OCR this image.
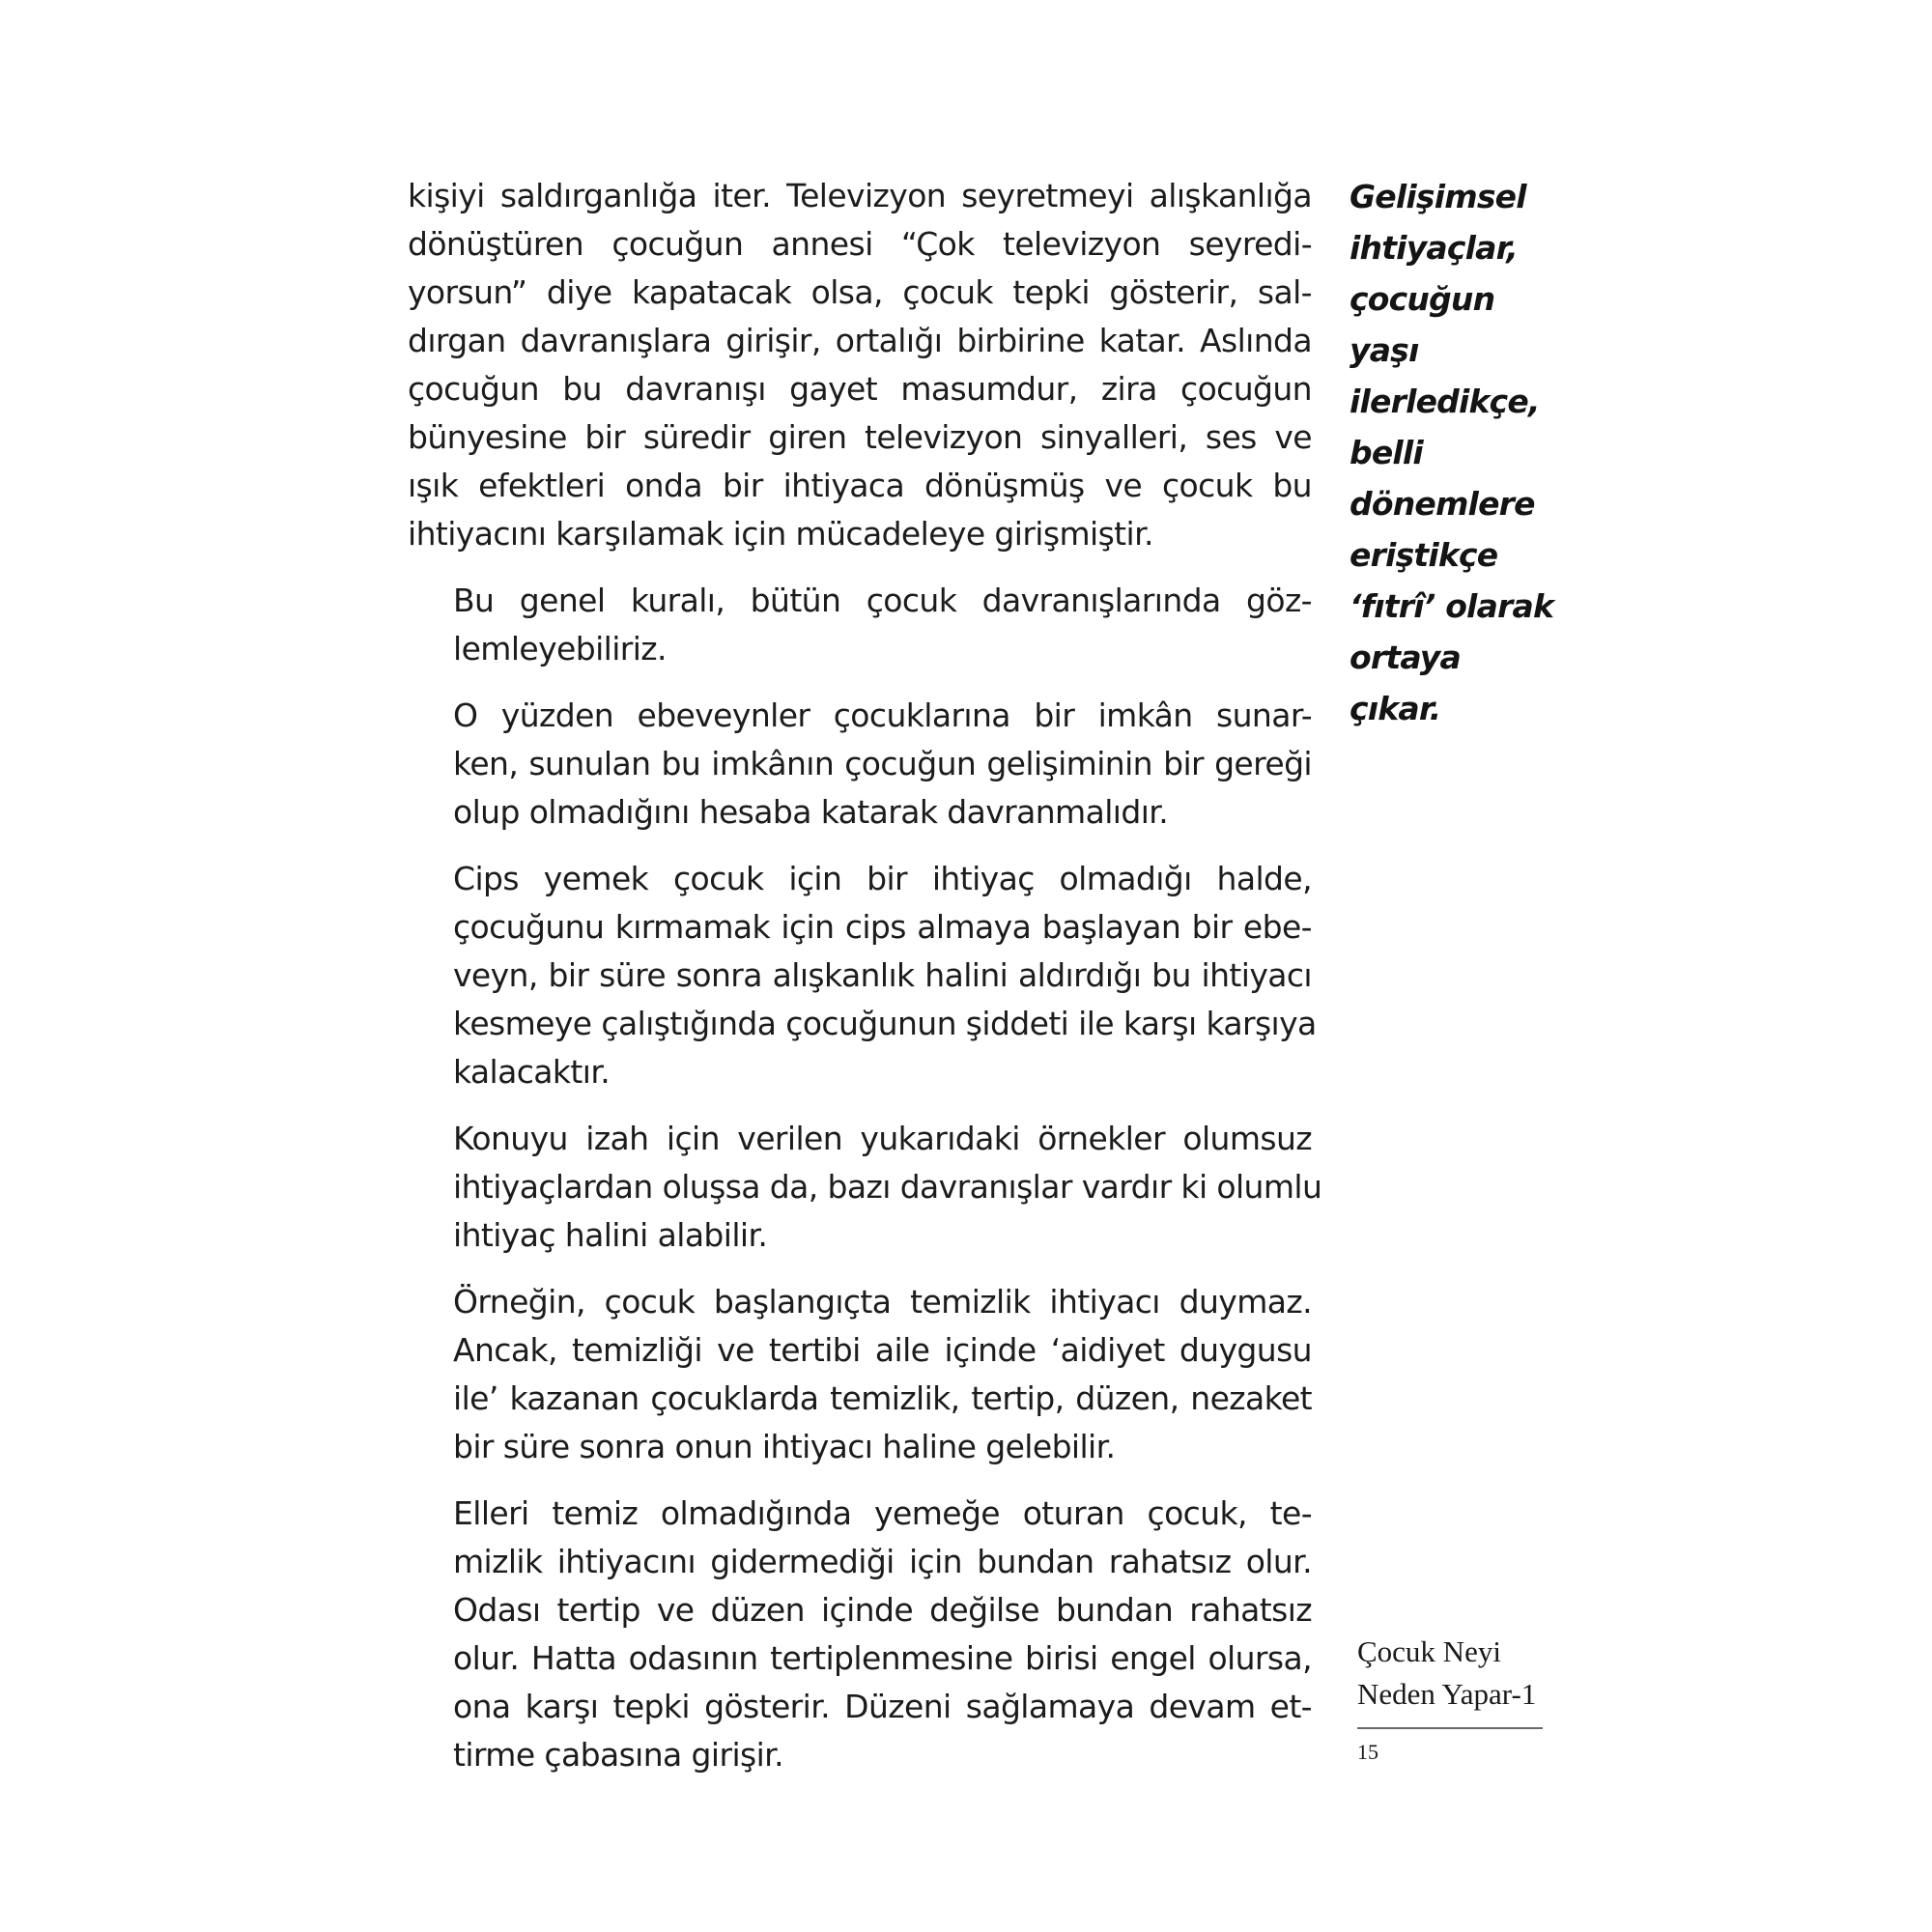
kişiyi saldırganlığa iter. Televizyon seyretmeyi alışkanlığa
dönüştüren çocuğun annesi “Çok televizyon seyredi-
yorsun” diye kapatacak olsa, çocuk tepki gösterir, sal-
dırgan davranışlara girişir, ortalığı birbirine katar. Aslında
çocuğun bu davranışı gayet masumdur, zira çocuğun
bünyesine bir süredir giren televizyon sinyalleri, ses ve
ışık efektleri onda bir ihtiyaca dönüşmüş ve çocuk bu
ihtiyacını karşılamak için mücadeleye girişmiştir.

Bu genel kuralı, bütün çocuk davranışlarında göz-
lemleyebiliriz.

O yüzden ebeveynler çocuklarına bir imkân sunar-
ken, sunulan bu imkânın çocuğun gelişiminin bir gereği
olup olmadığını hesaba katarak davranmalıdır.

Cips yemek çocuk için bir ihtiyaç olmadığı halde,
çocuğunu kırmamak için cips almaya başlayan bir ebe-
veyn, bir süre sonra alışkanlık halini aldırdığı bu ihtiyacı
kesmeye çalıştığında çocuğunun şiddeti ile karşı karşıya
kalacaktır.

Konuyu izah için verilen yukarıdaki örnekler olumsuz
ihtiyaçlardan oluşsa da, bazı davranışlar vardır ki olumlu
ihtiyaç halini alabilir.

Örneğin, çocuk başlangıçta temizlik ihtiyacı duymaz.
Ancak, temizliği ve tertibi aile içinde ‘aidiyet duygusu
ile’ kazanan çocuklarda temizlik, tertip, düzen, nezaket
bir süre sonra onun ihtiyacı haline gelebilir.

Elleri temiz olmadığında yemeğe oturan çocuk, te-
mizlik ihtiyacını gidermediği için bundan rahatsız olur.
Odası tertip ve düzen içinde değilse bundan rahatsız
olur. Hatta odasının tertiplenmesine birisi engel olursa,
ona karşı tepki gösterir. Düzeni sağlamaya devam et-
tirme çabasına girişir.

Gelişimsel
ihtiyaçlar,
çocuğun
yaşı
ilerledikçe,
belli
dönemlere
eriştikçe
‘fıtrî’ olarak
ortaya
çıkar.
Çocuk Neyi
Neden Yapar-1
15
